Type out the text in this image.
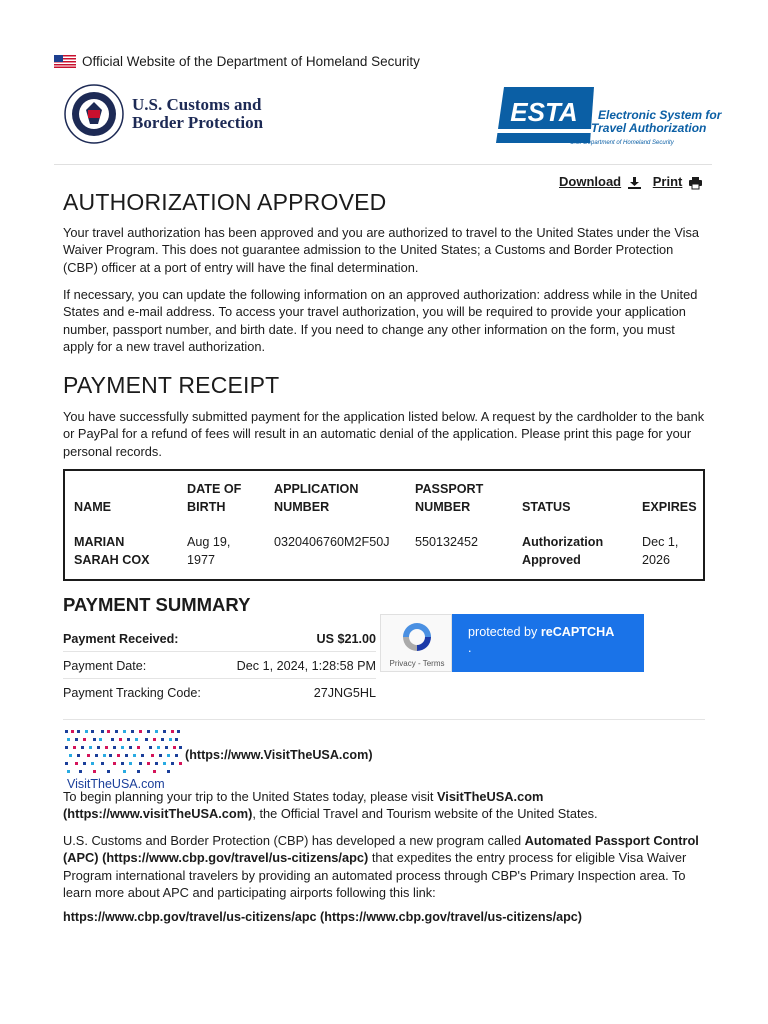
Official Website of the Department of Homeland Security
U.S. Customs and
Border Protection	ESTA Electronic System for
Travel Authorization
U.S. Department of Homeland Security
Download	Print
AUTHORIZATION APPROVED
Your travel authorization has been approved and you are authorized to travel to the United States under the Visa Waiver Program. This does not guarantee admission to the United States; a Customs and Border Protection (CBP) officer at a port of entry will have the final determination.
If necessary, you can update the following information on an approved authorization: address while in the United States and e-mail address. To access your travel authorization, you will be required to provide your application number, passport number, and birth date. If you need to change any other information on the form, you must apply for a new travel authorization.
PAYMENT RECEIPT
You have successfully submitted payment for the application listed below. A request by the cardholder to the bank or PayPal for a refund of fees will result in an automatic denial of the application. Please print this page for your personal records.
NAME	DATE OF BIRTH	APPLICATION NUMBER	PASSPORT NUMBER	STATUS	EXPIRES
MARIAN SARAH COX	Aug 19, 1977	0320406760M2F50J	550132452	Authorization Approved	Dec 1, 2026
PAYMENT SUMMARY
Payment Received:	US $21.00
Payment Date:	Dec 1, 2024, 1:28:58 PM
Payment Tracking Code:	27JNG5HL
Privacy - Terms
protected by reCAPTCHA
.
VisitTheUSA.com
(https://www.VisitTheUSA.com)
To begin planning your trip to the United States today, please visit VisitTheUSA.com (https://www.visitTheUSA.com), the Official Travel and Tourism website of the United States.
U.S. Customs and Border Protection (CBP) has developed a new program called Automated Passport Control (APC) (https://www.cbp.gov/travel/us-citizens/apc) that expedites the entry process for eligible Visa Waiver Program international travelers by providing an automated process through CBP's Primary Inspection area. To learn more about APC and participating airports following this link:
https://www.cbp.gov/travel/us-citizens/apc (https://www.cbp.gov/travel/us-citizens/apc)
